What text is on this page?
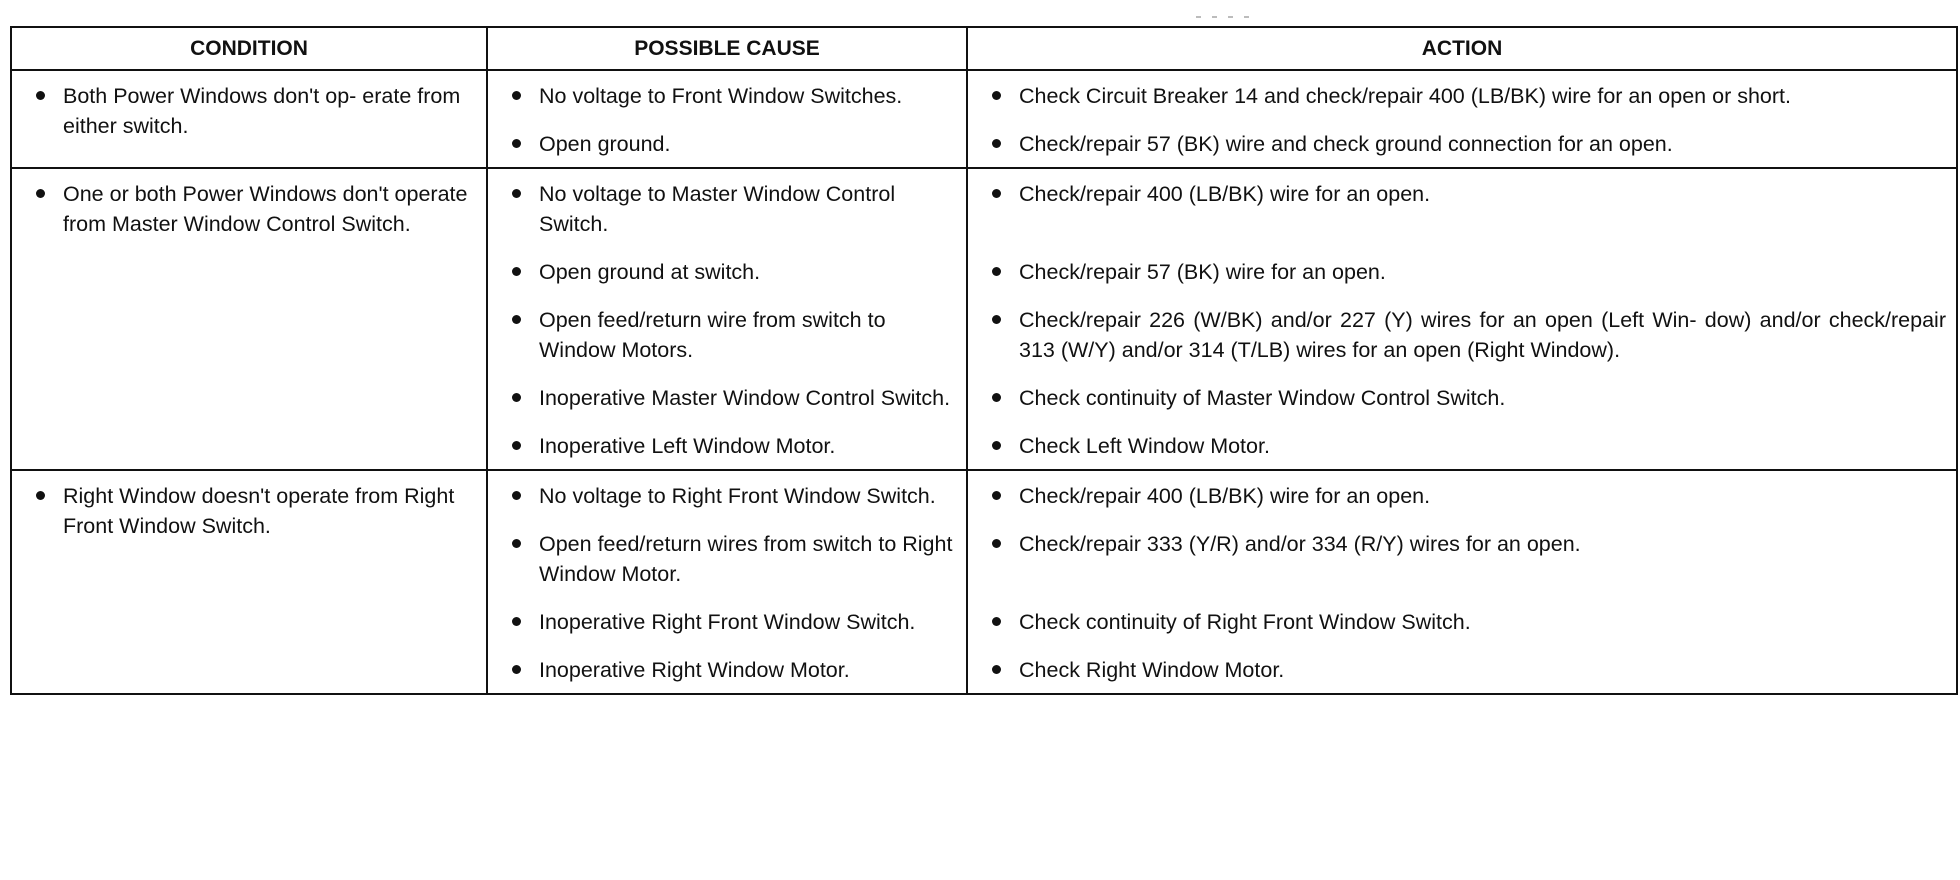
CONDITION	POSSIBLE CAUSE	ACTION

Both Power Windows don't op- erate from either switch.	No voltage to Front Window Switches.	Check Circuit Breaker 14 and check/repair 400 (LB/BK) wire for an open or short.

	Open ground.	Check/repair 57 (BK) wire and check ground connection for an open.

One or both Power Windows don't operate from Master Window Control Switch.	No voltage to Master Window Control Switch.	Check/repair 400 (LB/BK) wire for an open.

	Open ground at switch.	Check/repair 57 (BK) wire for an open.

	Open feed/return wire from switch to Window Motors.	Check/repair 226 (W/BK) and/or 227 (Y) wires for an open (Left Win- dow) and/or check/repair 313 (W/Y) and/or 314 (T/LB) wires for an open (Right Window).

	Inoperative Master Window Control Switch.	Check continuity of Master Window Control Switch.

	Inoperative Left Window Motor.	Check Left Window Motor.

Right Window doesn't operate from Right Front Window Switch.	No voltage to Right Front Window Switch.	Check/repair 400 (LB/BK) wire for an open.

	Open feed/return wires from switch to Right Window Motor.	Check/repair 333 (Y/R) and/or 334 (R/Y) wires for an open.

	Inoperative Right Front Window Switch.	Check continuity of Right Front Window Switch.

	Inoperative Right Window Motor.	Check Right Window Motor.
